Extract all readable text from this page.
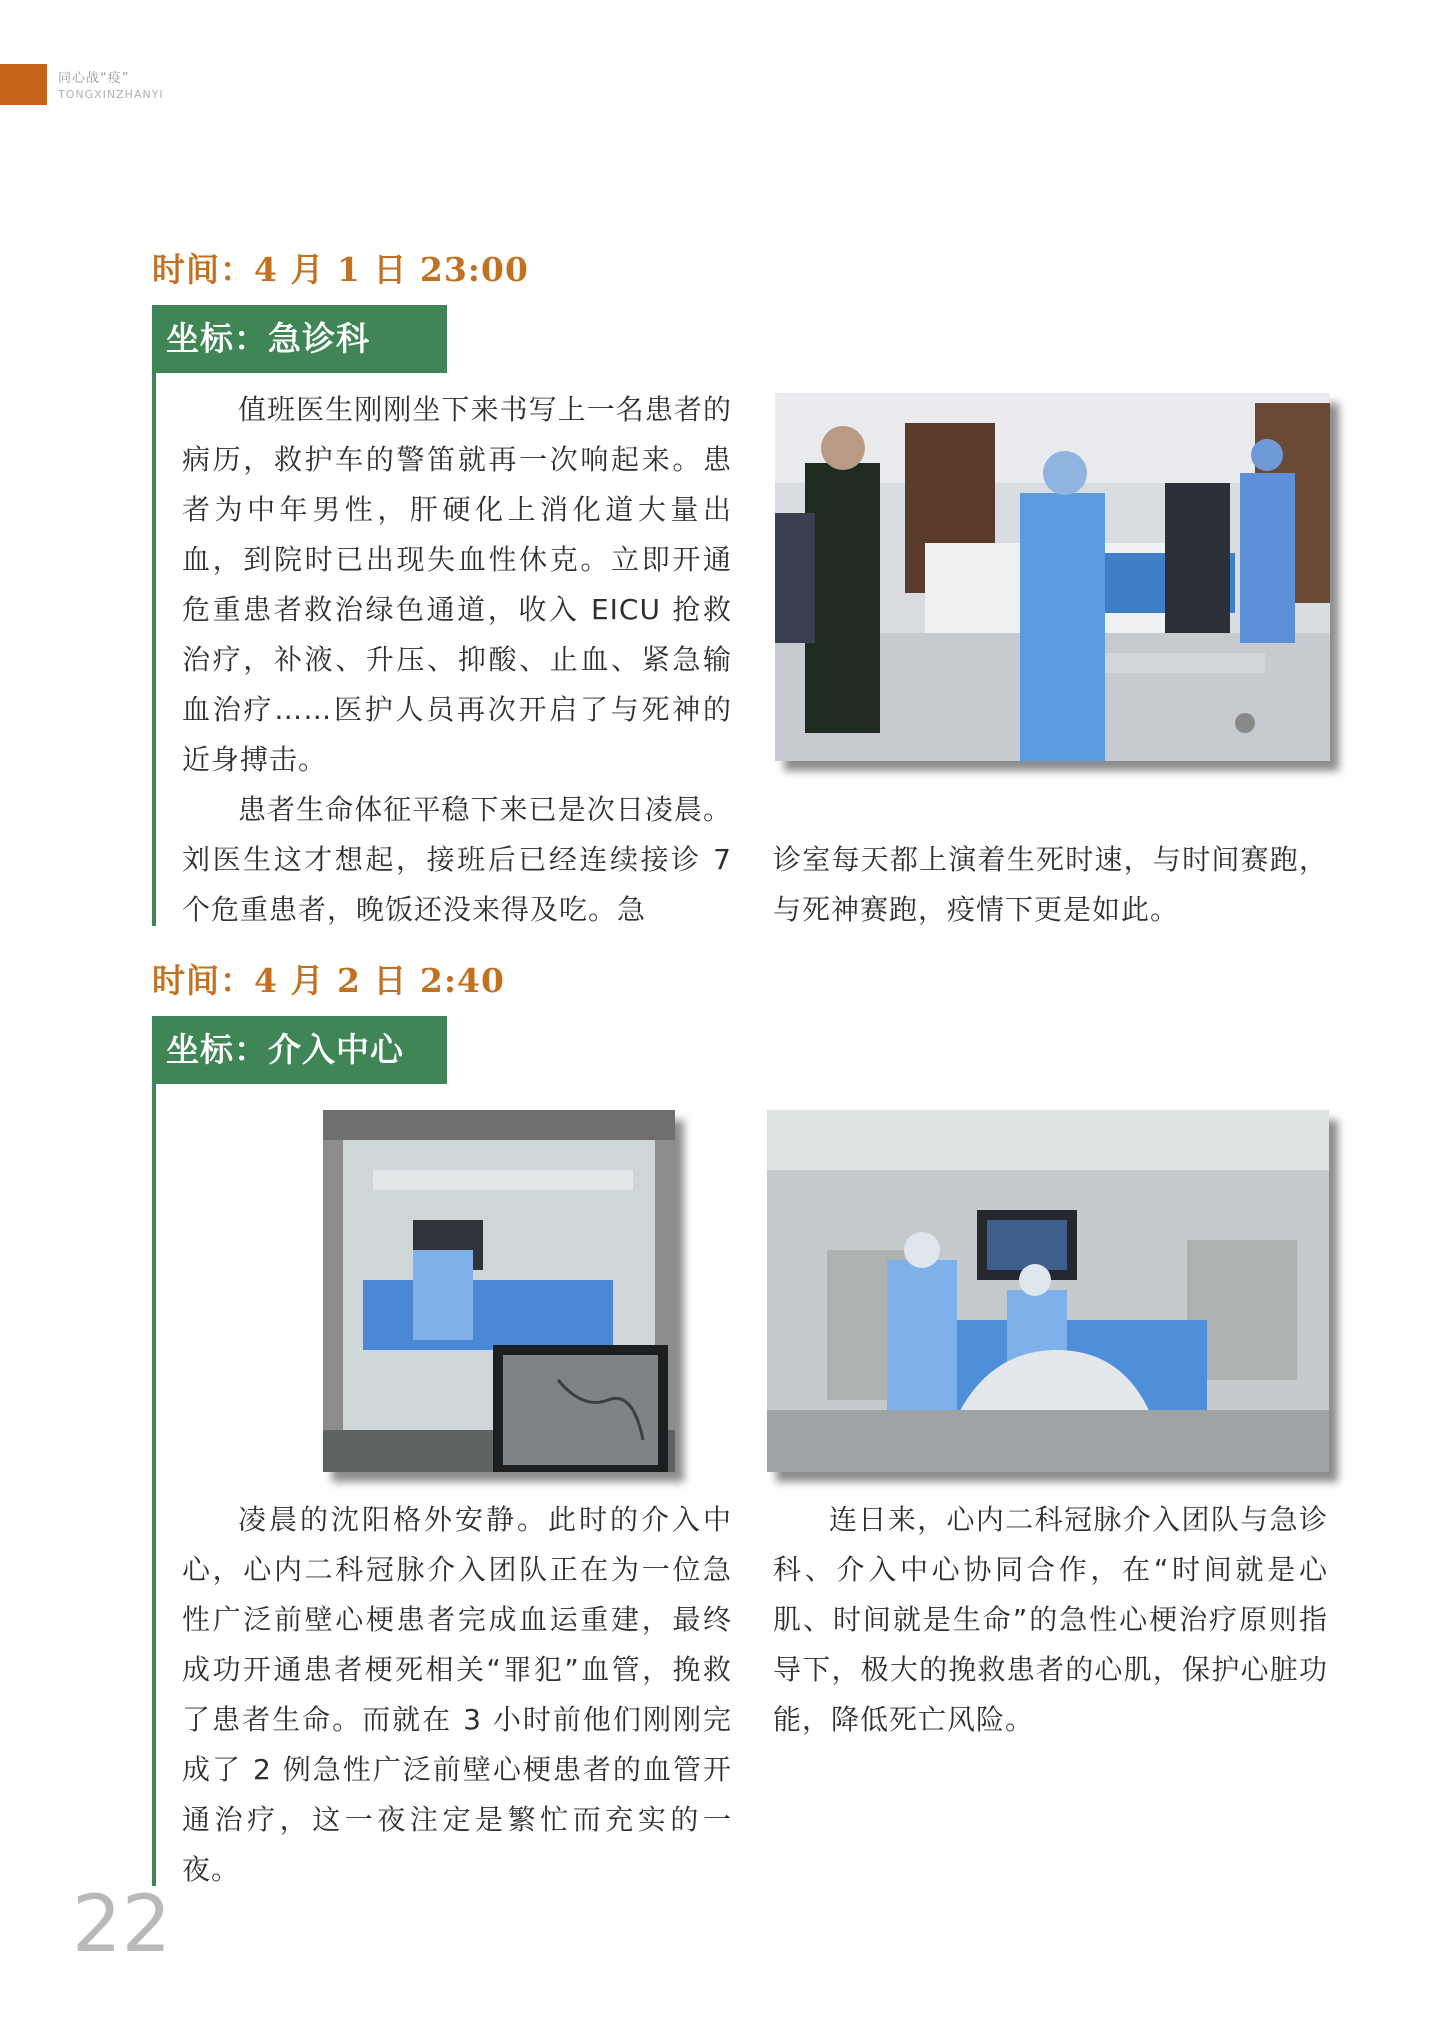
同心战“疫”
TONGXINZHANYI
时间：4 月 1 日 23:00
坐标：急诊科

值班医生刚刚坐下来书写上一名患者的病历，救护车的警笛就再一次响起来。患者为中年男性，肝硬化上消化道大量出血，到院时已出现失血性休克。立即开通危重患者救治绿色通道，收入 EICU 抢救治疗，补液、升压、抑酸、止血、紧急输血治疗……医护人员再次开启了与死神的近身搏击。

患者生命体征平稳下来已是次日凌晨。刘医生这才想起，接班后已经连续接诊 7 个危重患者，晚饭还没来得及吃。急

诊室每天都上演着生死时速，与时间赛跑，与死神赛跑，疫情下更是如此。

时间：4 月 2 日 2:40
坐标：介入中心

凌晨的沈阳格外安静。此时的介入中心，心内二科冠脉介入团队正在为一位急性广泛前壁心梗患者完成血运重建，最终成功开通患者梗死相关“罪犯”血管，挽救了患者生命。而就在 3 小时前他们刚刚完成了 2 例急性广泛前壁心梗患者的血管开通治疗，这一夜注定是繁忙而充实的一夜。

连日来，心内二科冠脉介入团队与急诊科、介入中心协同合作，在“时间就是心肌、时间就是生命”的急性心梗治疗原则指导下，极大的挽救患者的心肌，保护心脏功能，降低死亡风险。

22
